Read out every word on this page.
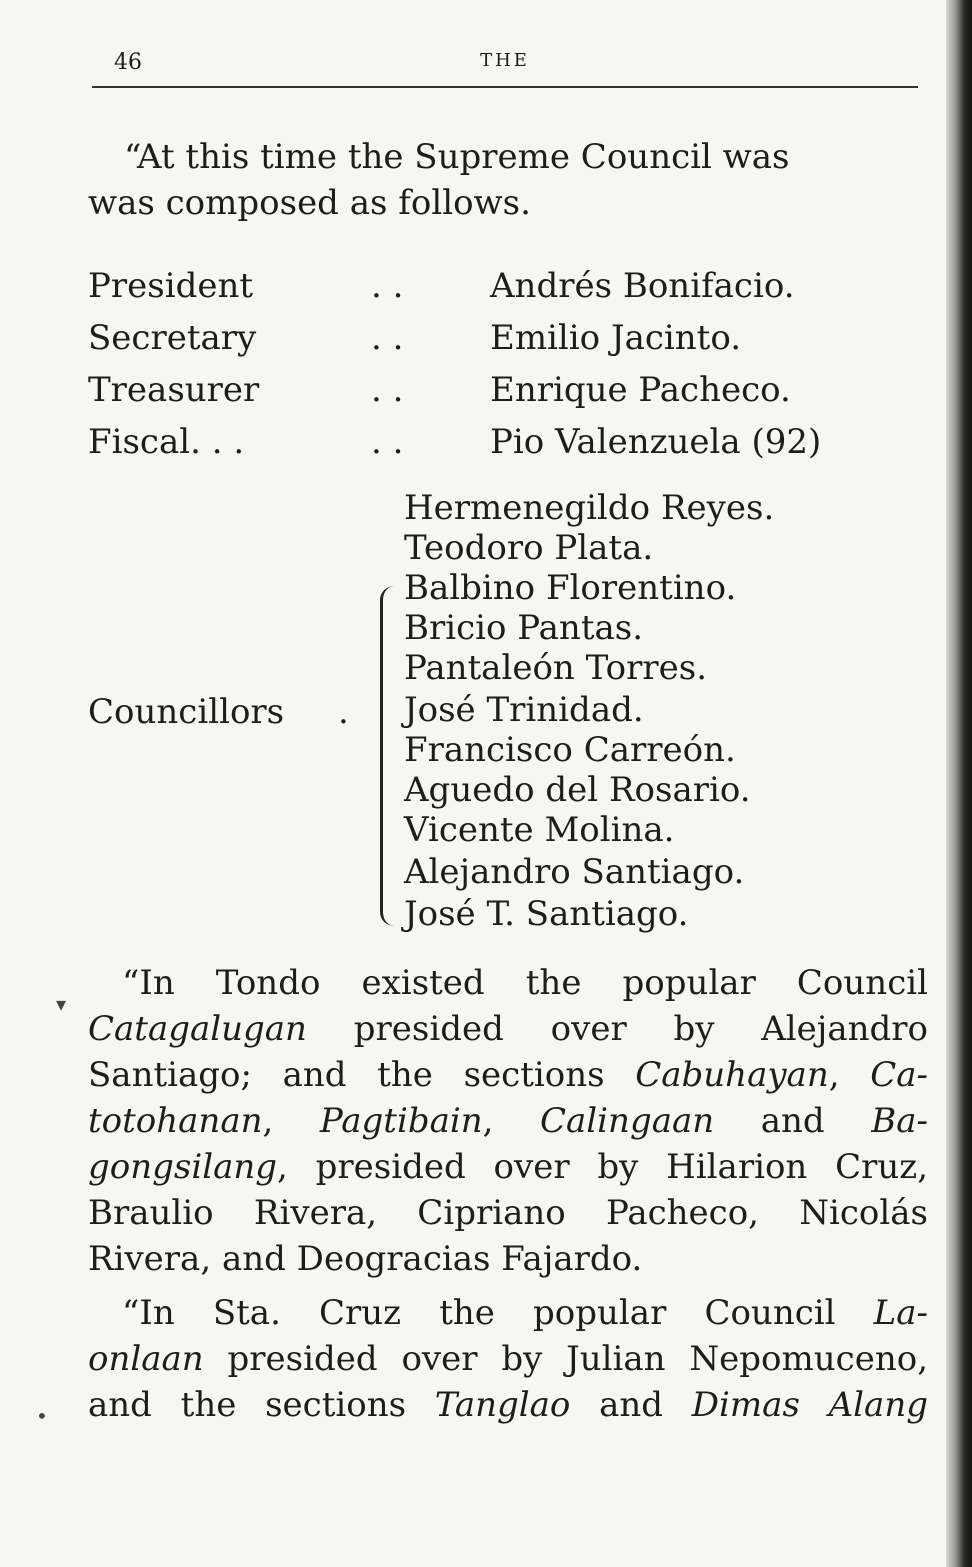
46	THE
“At this time the Supreme Council was
was composed as follows.
President	. .	Andrés Bonifacio.
Secretary	. .	Emilio Jacinto.
Treasurer	. .	Enrique Pacheco.
Fiscal. . .	. .	Pio Valenzuela (92)
Councillors .
Hermenegildo Reyes.
Teodoro Plata.
Balbino Florentino.
Bricio Pantas.
Pantaleón Torres.
José Trinidad.
Francisco Carreón.
Aguedo del Rosario.
Vicente Molina.
Alejandro Santiago.
José T. Santiago.
▾
“In Tondo existed the popular Council
Catagalugan presided over by Alejandro
Santiago; and the sections Cabuhayan, Ca-
totohanan, Pagtibain, Calingaan and Ba-
gongsilang, presided over by Hilarion Cruz,
Braulio Rivera, Cipriano Pacheco, Nicolás
Rivera, and Deogracias Fajardo.
•
“In Sta. Cruz the popular Council La-
onlaan presided over by Julian Nepomuceno,
and the sections Tanglao and Dimas Alang
